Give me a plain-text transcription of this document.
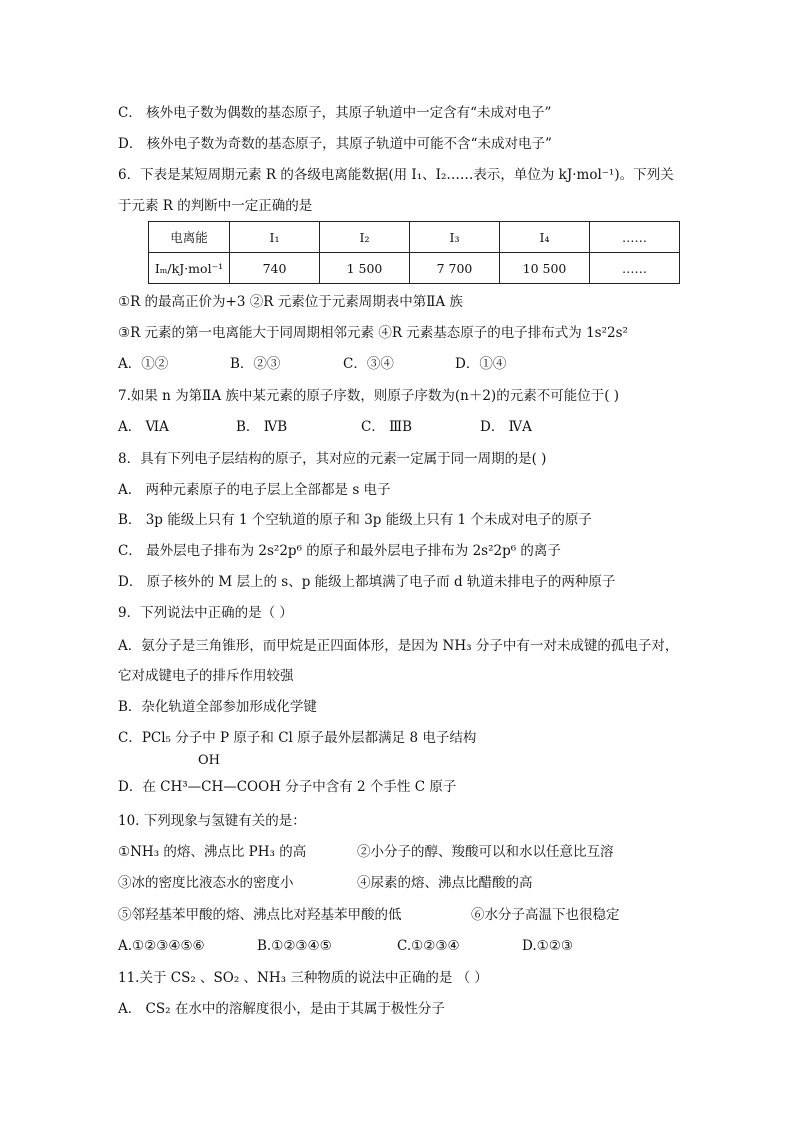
C． 核外电子数为偶数的基态原子，其原子轨道中一定含有“未成对电子”
D． 核外电子数为奇数的基态原子，其原子轨道中可能不含“未成对电子”
6．下表是某短周期元素 R 的各级电离能数据(用 I₁、I₂……表示，单位为 kJ·mol⁻¹)。下列关
于元素 R 的判断中一定正确的是
电离能	I₁	I₂	I₃	I₄	……
Iₘ/kJ·mol⁻¹	740	1 500	7 700	10 500	……
①R 的最高正价为+3 ②R 元素位于元素周期表中第ⅡA 族
③R 元素的第一电离能大于同周期相邻元素 ④R 元素基态原子的电子排布式为 1s²2s²
A．①②	B．②③	C．③④	D．①④
7.如果 n 为第ⅡA 族中某元素的原子序数，则原子序数为(n＋2)的元素不可能位于( )
A． ⅥA	B． ⅣB	C． ⅢB	D． ⅣA
8．具有下列电子层结构的原子，其对应的元素一定属于同一周期的是( )
A． 两种元素原子的电子层上全部都是 s 电子
B． 3p 能级上只有 1 个空轨道的原子和 3p 能级上只有 1 个未成对电子的原子
C． 最外层电子排布为 2s²2p⁶ 的原子和最外层电子排布为 2s²2p⁶ 的离子
D． 原子核外的 M 层上的 s、p 能级上都填满了电子而 d 轨道未排电子的两种原子
9．下列说法中正确的是（ ）
A．氨分子是三角锥形，而甲烷是正四面体形，是因为 NH₃ 分子中有一对未成键的孤电子对，
它对成键电子的排斥作用较强
B．杂化轨道全部参加形成化学键
C．PCl₅ 分子中 P 原子和 Cl 原子最外层都满足 8 电子结构
OH
D．在 CH³—CH—COOH 分子中含有 2 个手性 C 原子
10. 下列现象与氢键有关的是：
①NH₃ 的熔、沸点比 PH₃ 的高	②小分子的醇、羧酸可以和水以任意比互溶
③冰的密度比液态水的密度小	④尿素的熔、沸点比醋酸的高
⑤邻羟基苯甲酸的熔、沸点比对羟基苯甲酸的低	⑥水分子高温下也很稳定
A.①②③④⑤⑥	B.①②③④⑤	C.①②③④	D.①②③
11.关于 CS₂ 、SO₂ 、NH₃ 三种物质的说法中正确的是 （ ）
A． CS₂ 在水中的溶解度很小，是由于其属于极性分子
